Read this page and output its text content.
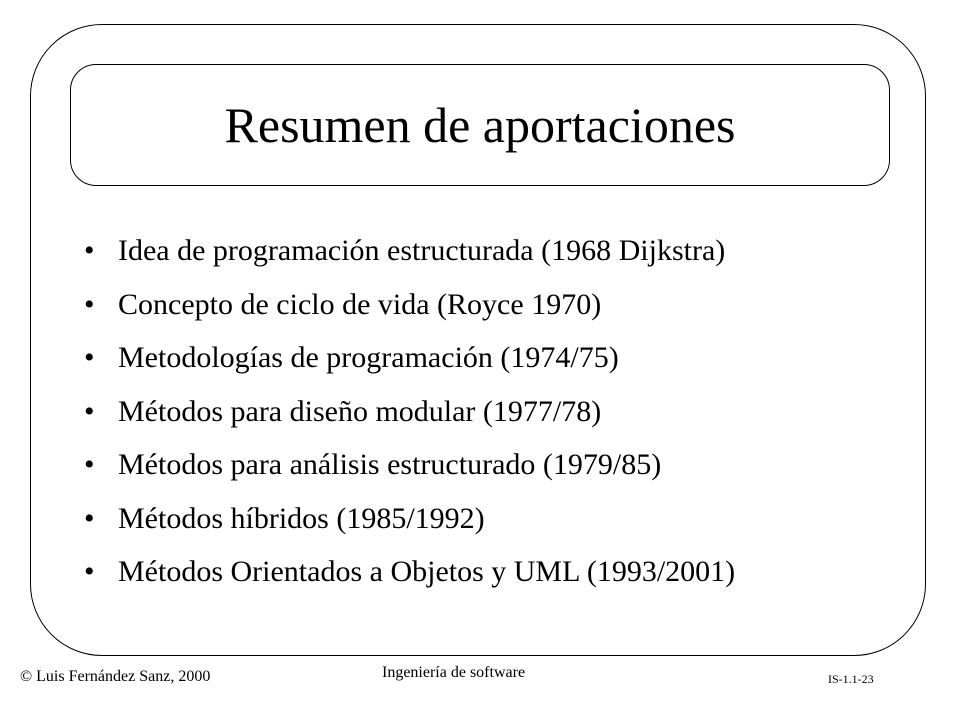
Resumen de aportaciones
• Idea de programación estructurada (1968 Dijkstra)
• Concepto de ciclo de vida (Royce 1970)
• Metodologías de programación (1974/75)
• Métodos para diseño modular (1977/78)
• Métodos para análisis estructurado (1979/85)
• Métodos híbridos (1985/1992)
• Métodos Orientados a Objetos y UML (1993/2001)
© Luis Fernández Sanz, 2000	Ingeniería de software	IS-1.1-23
